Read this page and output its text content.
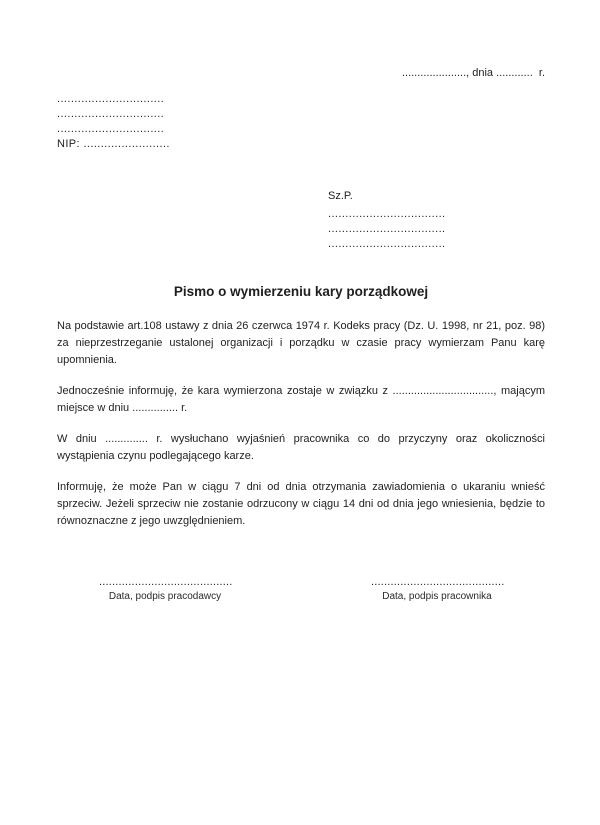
....................., dnia ............  r.
...............................
...............................
...............................
NIP: .........................
Sz.P.
..................................
..................................
..................................
Pismo o wymierzeniu kary porządkowej

Na podstawie art.108 ustawy z dnia 26 czerwca 1974 r. Kodeks pracy (Dz. U. 1998, nr 21, poz. 98) za nieprzestrzeganie ustalonej organizacji i porządku w czasie pracy wymierzam Panu karę upomnienia.

Jednocześnie informuję, że kara wymierzona zostaje w związku z ................................., mającym miejsce w dniu ............... r.

W dniu .............. r. wysłuchano wyjaśnień pracownika co do przyczyny oraz okoliczności wystąpienia czynu podlegającego karze.

Informuję, że może Pan w ciągu 7 dni od dnia otrzymania zawiadomienia o ukaraniu wnieść sprzeciw. Jeżeli sprzeciw nie zostanie odrzucony w ciągu 14 dni od dnia jego wniesienia, będzie to równoznaczne z jego uwzględnieniem.

.........................................
Data, podpis pracodawcy
.........................................
Data, podpis pracownika
